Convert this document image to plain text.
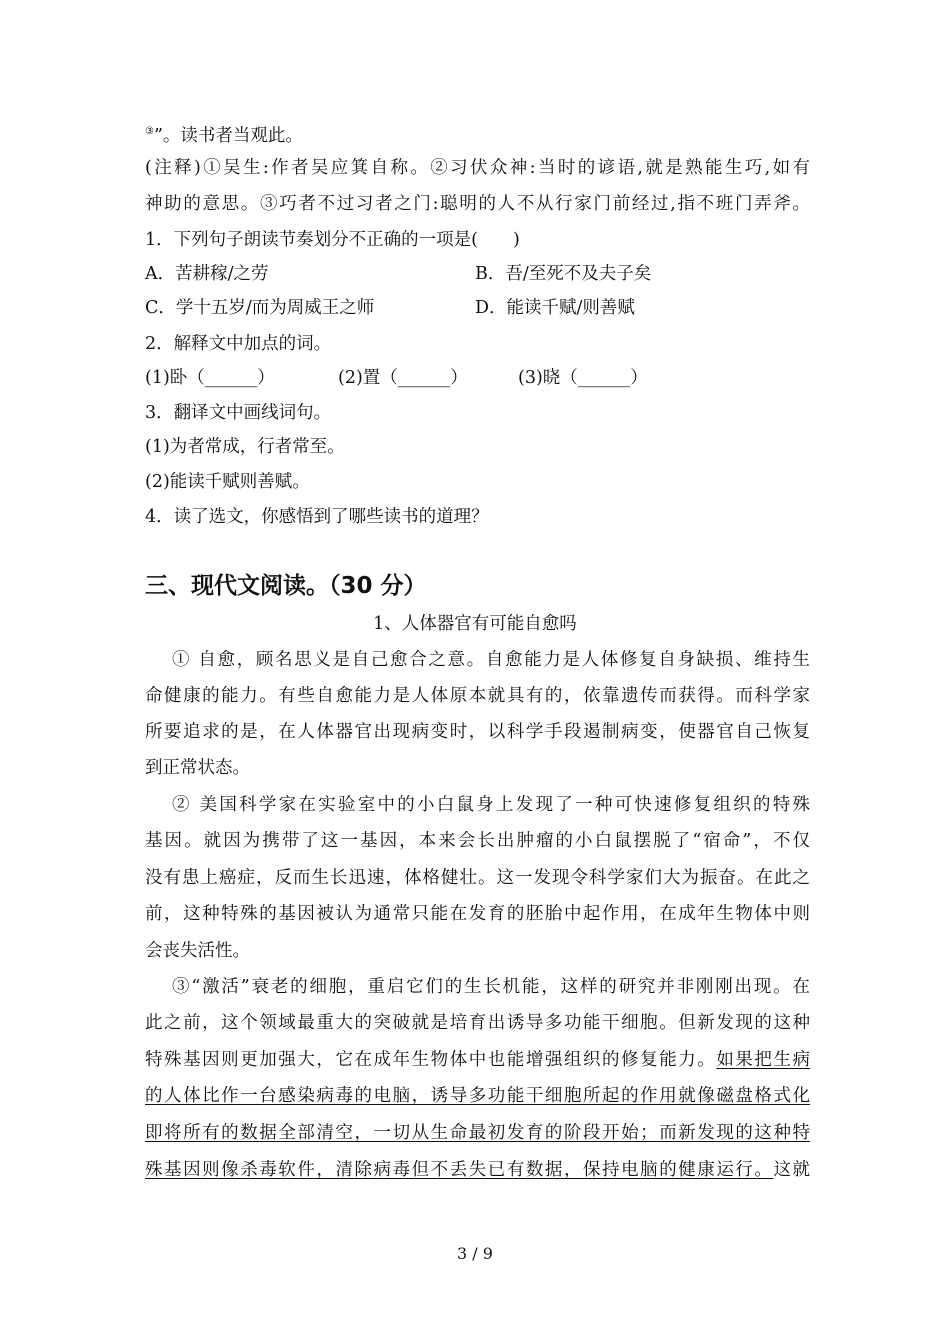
③”。读书者当观此。
(注释)①吴生:作者吴应箕自称。②习伏众神:当时的谚语,就是熟能生巧,如有
神助的意思。③巧者不过习者之门:聪明的人不从行家门前经过,指不班门弄斧。
1．下列句子朗读节奏划分不正确的一项是(　　)
A．苦耕稼/之劳	B．吾/至死不及夫子矣
C．学十五岁/而为周威王之师	D．能读千赋/则善赋
2．解释文中加点的词。
(1)卧（______）	(2)置（______）	(3)晓（______）
3．翻译文中画线词句。
(1)为者常成，行者常至。
(2)能读千赋则善赋。
4．读了选文，你感悟到了哪些读书的道理？
三、现代文阅读。（30 分）
1、人体器官有可能自愈吗
① 自愈，顾名思义是自己愈合之意。自愈能力是人体修复自身缺损、维持生
命健康的能力。有些自愈能力是人体原本就具有的，依靠遗传而获得。而科学家
所要追求的是，在人体器官出现病变时，以科学手段遏制病变，使器官自己恢复
到正常状态。
② 美国科学家在实验室中的小白鼠身上发现了一种可快速修复组织的特殊
基因。就因为携带了这一基因，本来会长出肿瘤的小白鼠摆脱了“宿命”，不仅
没有患上癌症，反而生长迅速，体格健壮。这一发现令科学家们大为振奋。在此之
前，这种特殊的基因被认为通常只能在发育的胚胎中起作用，在成年生物体中则
会丧失活性。
③“激活”衰老的细胞，重启它们的生长机能，这样的研究并非刚刚出现。在
此之前，这个领域最重大的突破就是培育出诱导多功能干细胞。但新发现的这种
特殊基因则更加强大，它在成年生物体中也能增强组织的修复能力。如果把生病
的人体比作一台感染病毒的电脑，诱导多功能干细胞所起的作用就像磁盘格式化
即将所有的数据全部清空，一切从生命最初发育的阶段开始；而新发现的这种特
殊基因则像杀毒软件，清除病毒但不丢失已有数据，保持电脑的健康运行。这就
3 / 9
